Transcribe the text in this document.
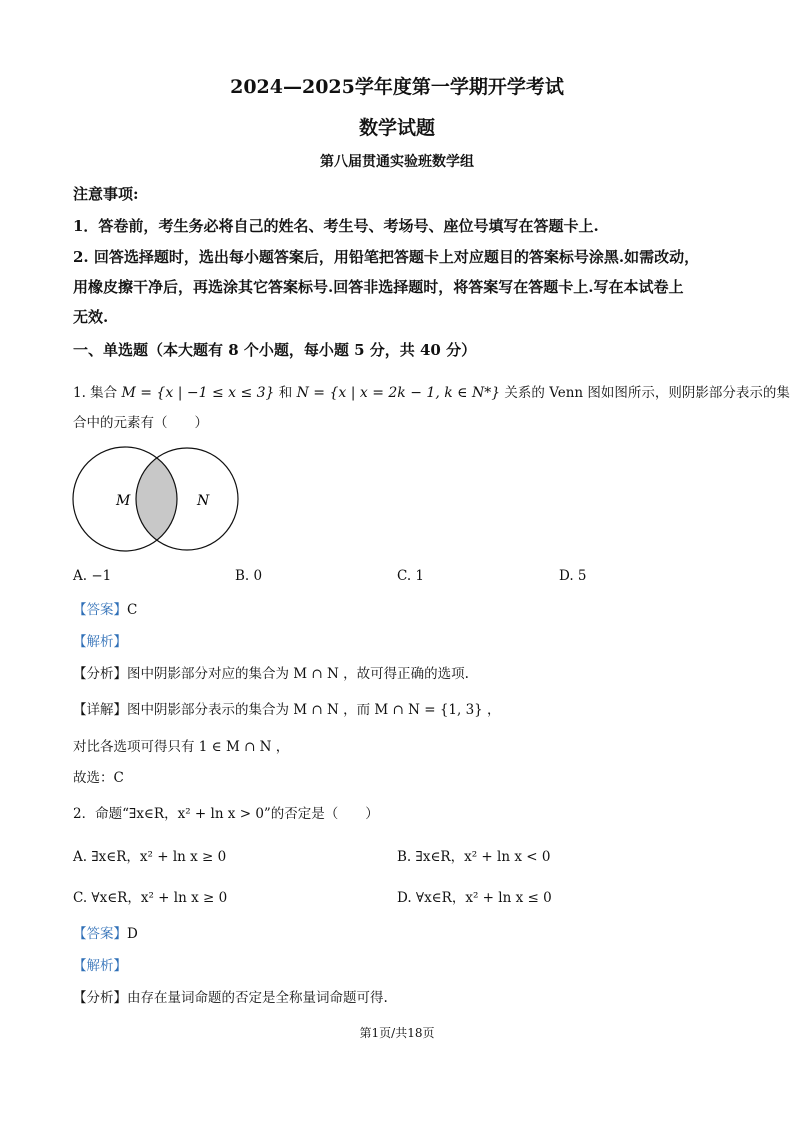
2024—2025学年度第一学期开学考试
数学试题
第八届贯通实验班数学组
注意事项:
1．答卷前，考生务必将自己的姓名、考生号、考场号、座位号填写在答题卡上.
2. 回答选择题时，选出每小题答案后，用铅笔把答题卡上对应题目的答案标号涂黑.如需改动，
用橡皮擦干净后，再选涂其它答案标号.回答非选择题时，将答案写在答题卡上.写在本试卷上
无效.
一、单选题（本大题有 8 个小题，每小题 5 分，共 40 分）
1. 集合 M = {x | −1 ≤ x ≤ 3} 和 N = {x | x = 2k − 1, k ∈ N*} 关系的 Venn 图如图所示，则阴影部分表示的集
合中的元素有（　　）
M	N
A. −1	B. 0	C. 1	D. 5
【答案】C
【解析】
【分析】图中阴影部分对应的集合为 M ∩ N ，故可得正确的选项.
【详解】图中阴影部分表示的集合为 M ∩ N ，而 M ∩ N = {1, 3} ，
对比各选项可得只有 1 ∈ M ∩ N ，
故选：C
2．命题“∃x∈R，x² + ln x > 0”的否定是（　　）
A. ∃x∈R，x² + ln x ≥ 0	B. ∃x∈R，x² + ln x < 0
C. ∀x∈R，x² + ln x ≥ 0	D. ∀x∈R，x² + ln x ≤ 0
【答案】D
【解析】
【分析】由存在量词命题的否定是全称量词命题可得.
第1页/共18页
